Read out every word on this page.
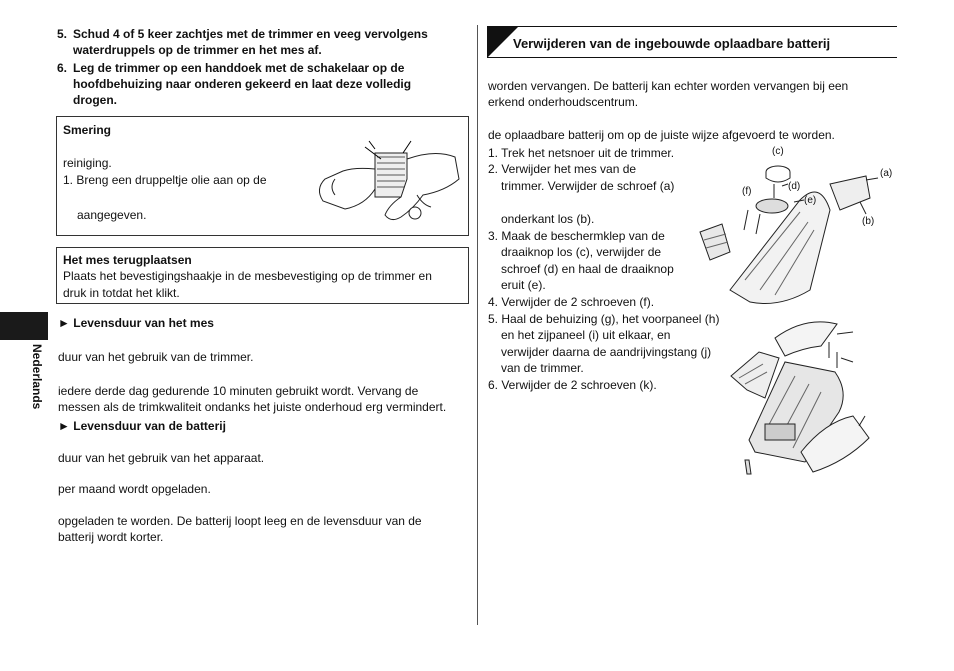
Nederlands
5. Schud 4 of 5 keer zachtjes met de trimmer en veeg vervolgens
waterdruppels op de trimmer en het mes af.
6. Leg de trimmer op een handdoek met de schakelaar op de
hoofdbehuizing naar onderen gekeerd en laat deze volledig
drogen.
Smering
reiniging.
1. Breng een druppeltje olie aan op de
aangegeven.
Het mes terugplaatsen
Plaats het bevestigingshaakje in de mesbevestiging op de trimmer en
druk in totdat het klikt.
► Levensduur van het mes
duur van het gebruik van de trimmer.
iedere derde dag gedurende 10 minuten gebruikt wordt. Vervang de
messen als de trimkwaliteit ondanks het juiste onderhoud erg vermindert.
► Levensduur van de batterij
duur van het gebruik van het apparaat.
per maand wordt opgeladen.
opgeladen te worden. De batterij loopt leeg en de levensduur van de
batterij wordt korter.
Verwijderen van de ingebouwde oplaadbare batterij
worden vervangen. De batterij kan echter worden vervangen bij een
erkend onderhoudscentrum.
de oplaadbare batterij om op de juiste wijze afgevoerd te worden.
1. Trek het netsnoer uit de trimmer.
2. Verwijder het mes van de
trimmer. Verwijder de schroef (a)
onderkant los (b).
3. Maak de beschermklep van de
draaiknop los (c), verwijder de
schroef (d) en haal de draaiknop
eruit (e).
4. Verwijder de 2 schroeven (f).
5. Haal de behuizing (g), het voorpaneel (h)
en het zijpaneel (i) uit elkaar, en
verwijder daarna de aandrijvingstang (j)
van de trimmer.
6. Verwijder de 2 schroeven (k).
(c)
(d)
(e)
(f)
(a)
(b)
